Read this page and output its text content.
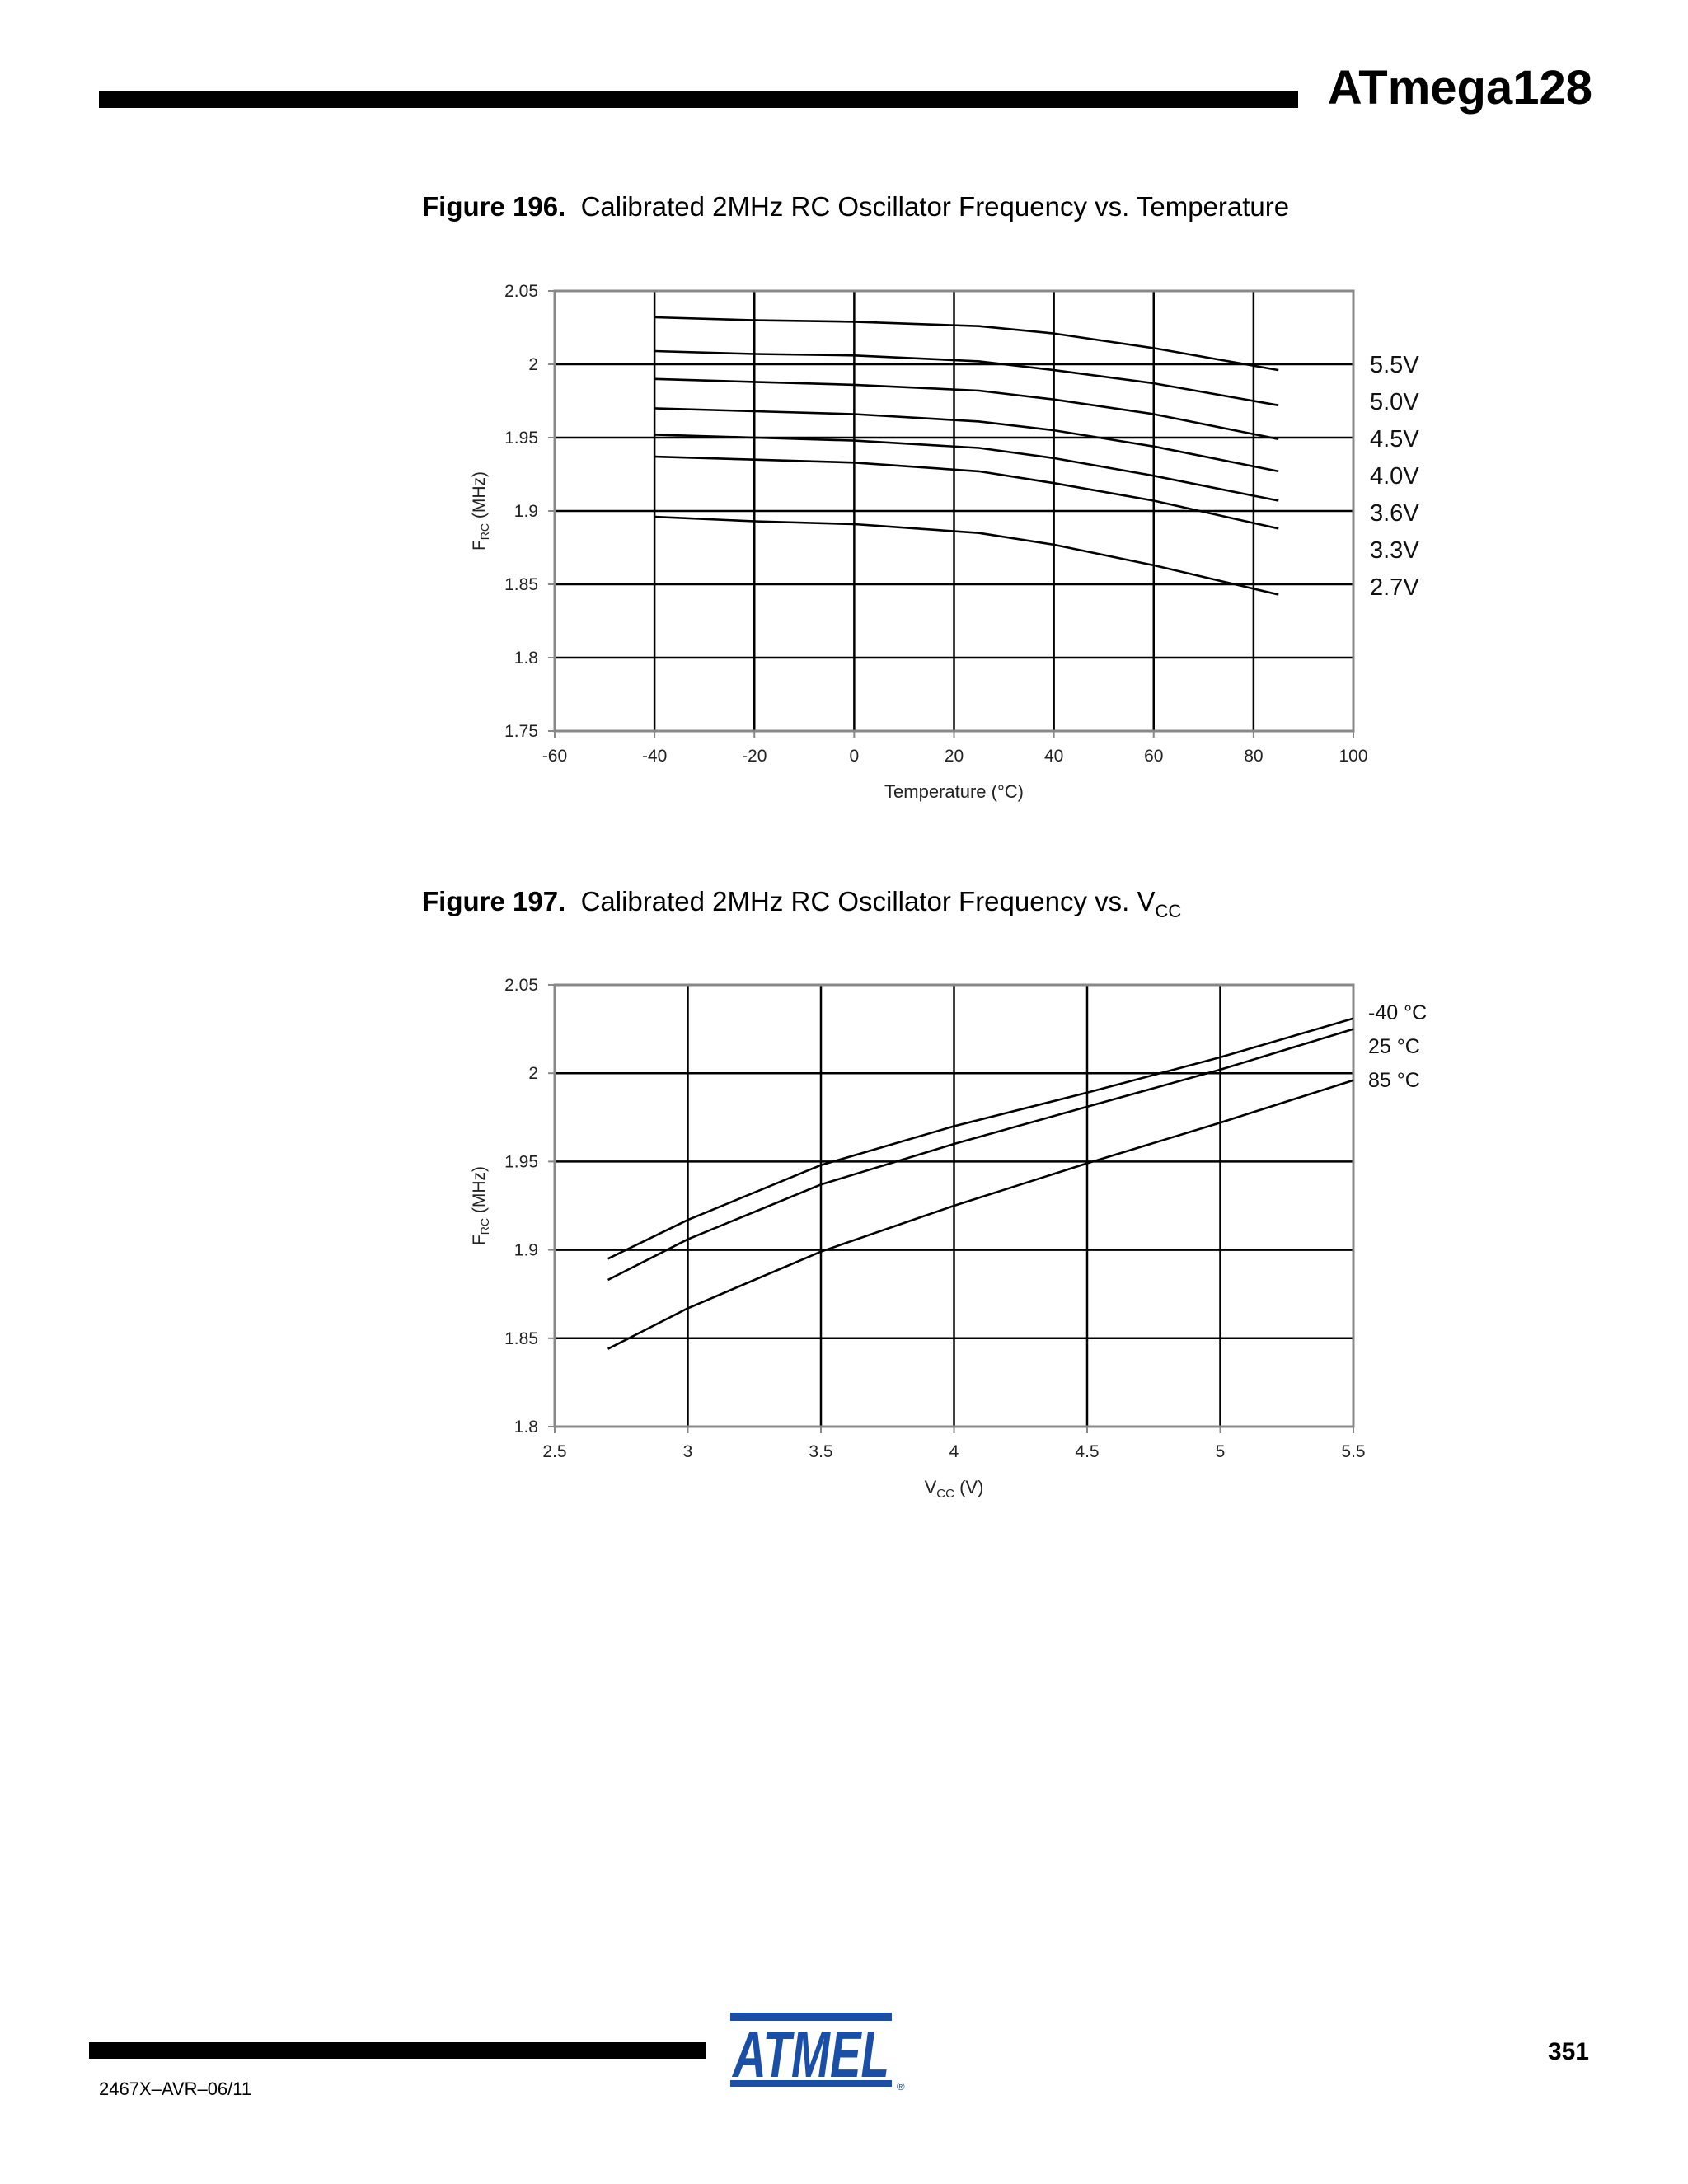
ATmega128
Figure 196. Calibrated 2MHz RC Oscillator Frequency vs. Temperature
-60	-40	-20	0	20	40	60	80	100
1.75
1.8
1.85
1.9
1.95
2
2.05
5.5V
5.0V
4.5V
4.0V
3.6V
3.3V
2.7V
$F_{RC}$ (MHz)
Temperature (°C)
Figure 197. Calibrated 2MHz RC Oscillator Frequency vs. $V_{CC}$
2.5	3	3.5	4	4.5	5	5.5
1.8
1.85
1.9
1.95
2
2.05
-40 °C
25 °C
85 °C
$F_{RC}$ (MHz)
$V_{CC}$ (V)
2467X–AVR–06/11
351
ATMEL ®
